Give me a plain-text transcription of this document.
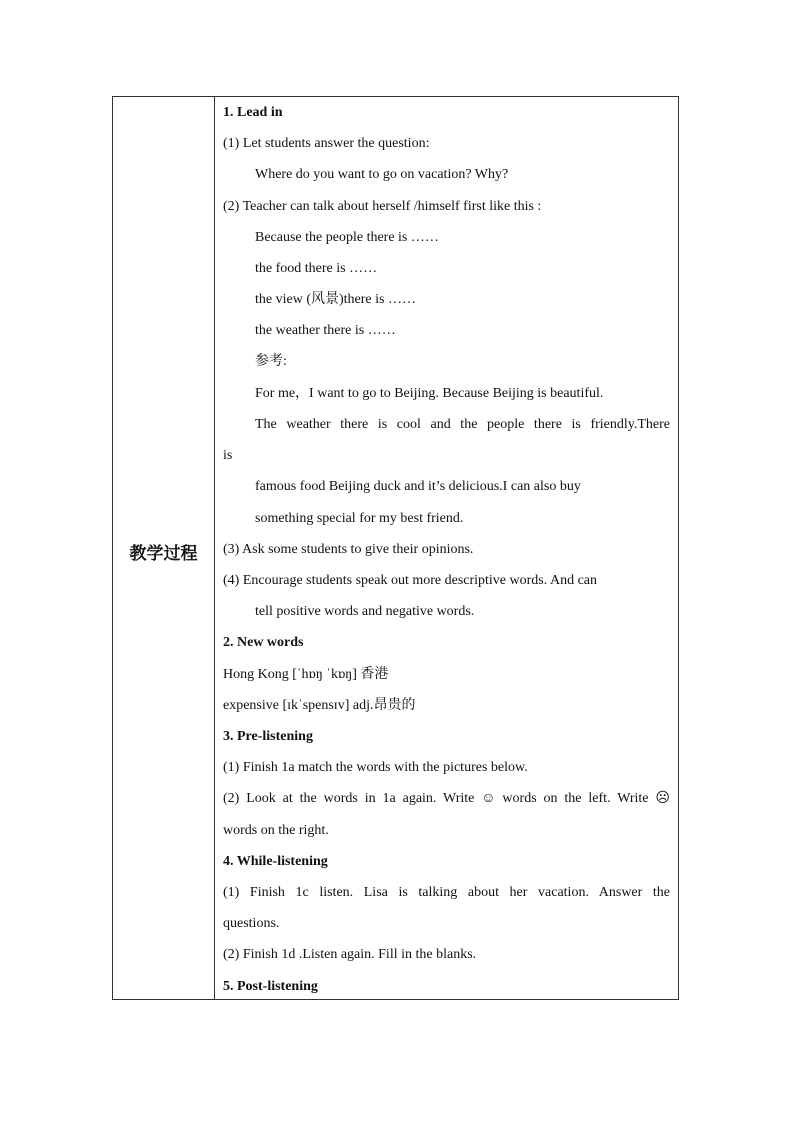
教学过程
1. Lead in
(1) Let students answer the question:
Where do you want to go on vacation? Why?
(2) Teacher can talk about herself /himself first like this :
Because the people there is ……
the food there is ……
the view (风景)there is ……
the weather there is ……
参考:
For me，I want to go to Beijing. Because Beijing is beautiful.
The weather there is cool and the people there is friendly.There
is
famous food Beijing duck and it’s delicious.I can also buy
something special for my best friend.
(3) Ask some students to give their opinions.
(4) Encourage students speak out more descriptive words. And can
tell positive words and negative words.
2. New words
Hong Kong [ˈhɒŋ ˈkɒŋ] 香港
expensive [ɪkˈspensɪv] adj.昂贵的
3. Pre-listening
(1) Finish 1a match the words with the pictures below.
(2) Look at the words in 1a again. Write ☺ words on the left. Write ☹
words on the right.
4. While-listening
(1) Finish 1c listen. Lisa is talking about her vacation. Answer the
questions.
(2) Finish 1d .Listen again. Fill in the blanks.
5. Post-listening
